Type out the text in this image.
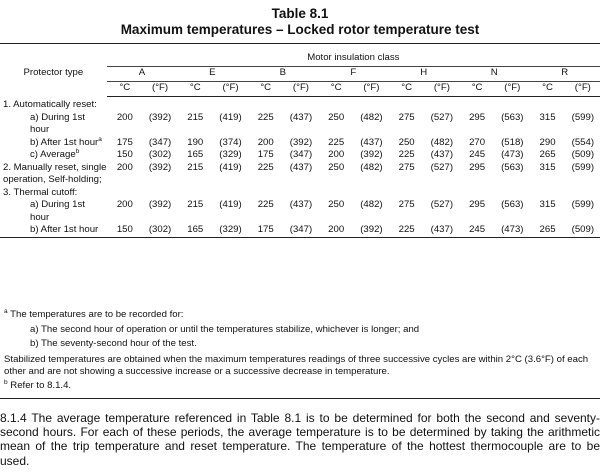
Table 8.1
Maximum temperatures – Locked rotor temperature test
Protector type	Motor insulation class													
	A		E		B		F		H		N		R	
	°C	(°F)	°C	(°F)	°C	(°F)	°C	(°F)	°C	(°F)	°C	(°F)	°C	(°F)
1. Automatically reset:														
a) During 1st hour	200	(392)	215	(419)	225	(437)	250	(482)	275	(527)	295	(563)	315	(599)
b) After 1st hour$^a$	175	(347)	190	(374)	200	(392)	225	(437)	250	(482)	270	(518)	290	(554)
c) Average$^b$	150	(302)	165	(329)	175	(347)	200	(392)	225	(437)	245	(473)	265	(509)
2. Manually reset, single operation, Self-holding;	200	(392)	215	(419)	225	(437)	250	(482)	275	(527)	295	(563)	315	(599)
3. Thermal cutoff:														
a) During 1st hour	200	(392)	215	(419)	225	(437)	250	(482)	275	(527)	295	(563)	315	(599)
b) After 1st hour	150	(302)	165	(329)	175	(347)	200	(392)	225	(437)	245	(473)	265	(509)

$^a$ The temperatures are to be recorded for:

a) The second hour of operation or until the temperatures stabilize, whichever is longer; and

b) The seventy-second hour of the test.

Stabilized temperatures are obtained when the maximum temperatures readings of three successive cycles are within 2°C (3.6°F) of each other and are not showing a successive increase or a successive decrease in temperature.

$^b$ Refer to 8.1.4.

8.1.4 The average temperature referenced in Table 8.1 is to be determined for both the second and seventy-second hours. For each of these periods, the average temperature is to be determined by taking the arithmetic mean of the trip temperature and reset temperature. The temperature of the hottest thermocouple are to be used.
